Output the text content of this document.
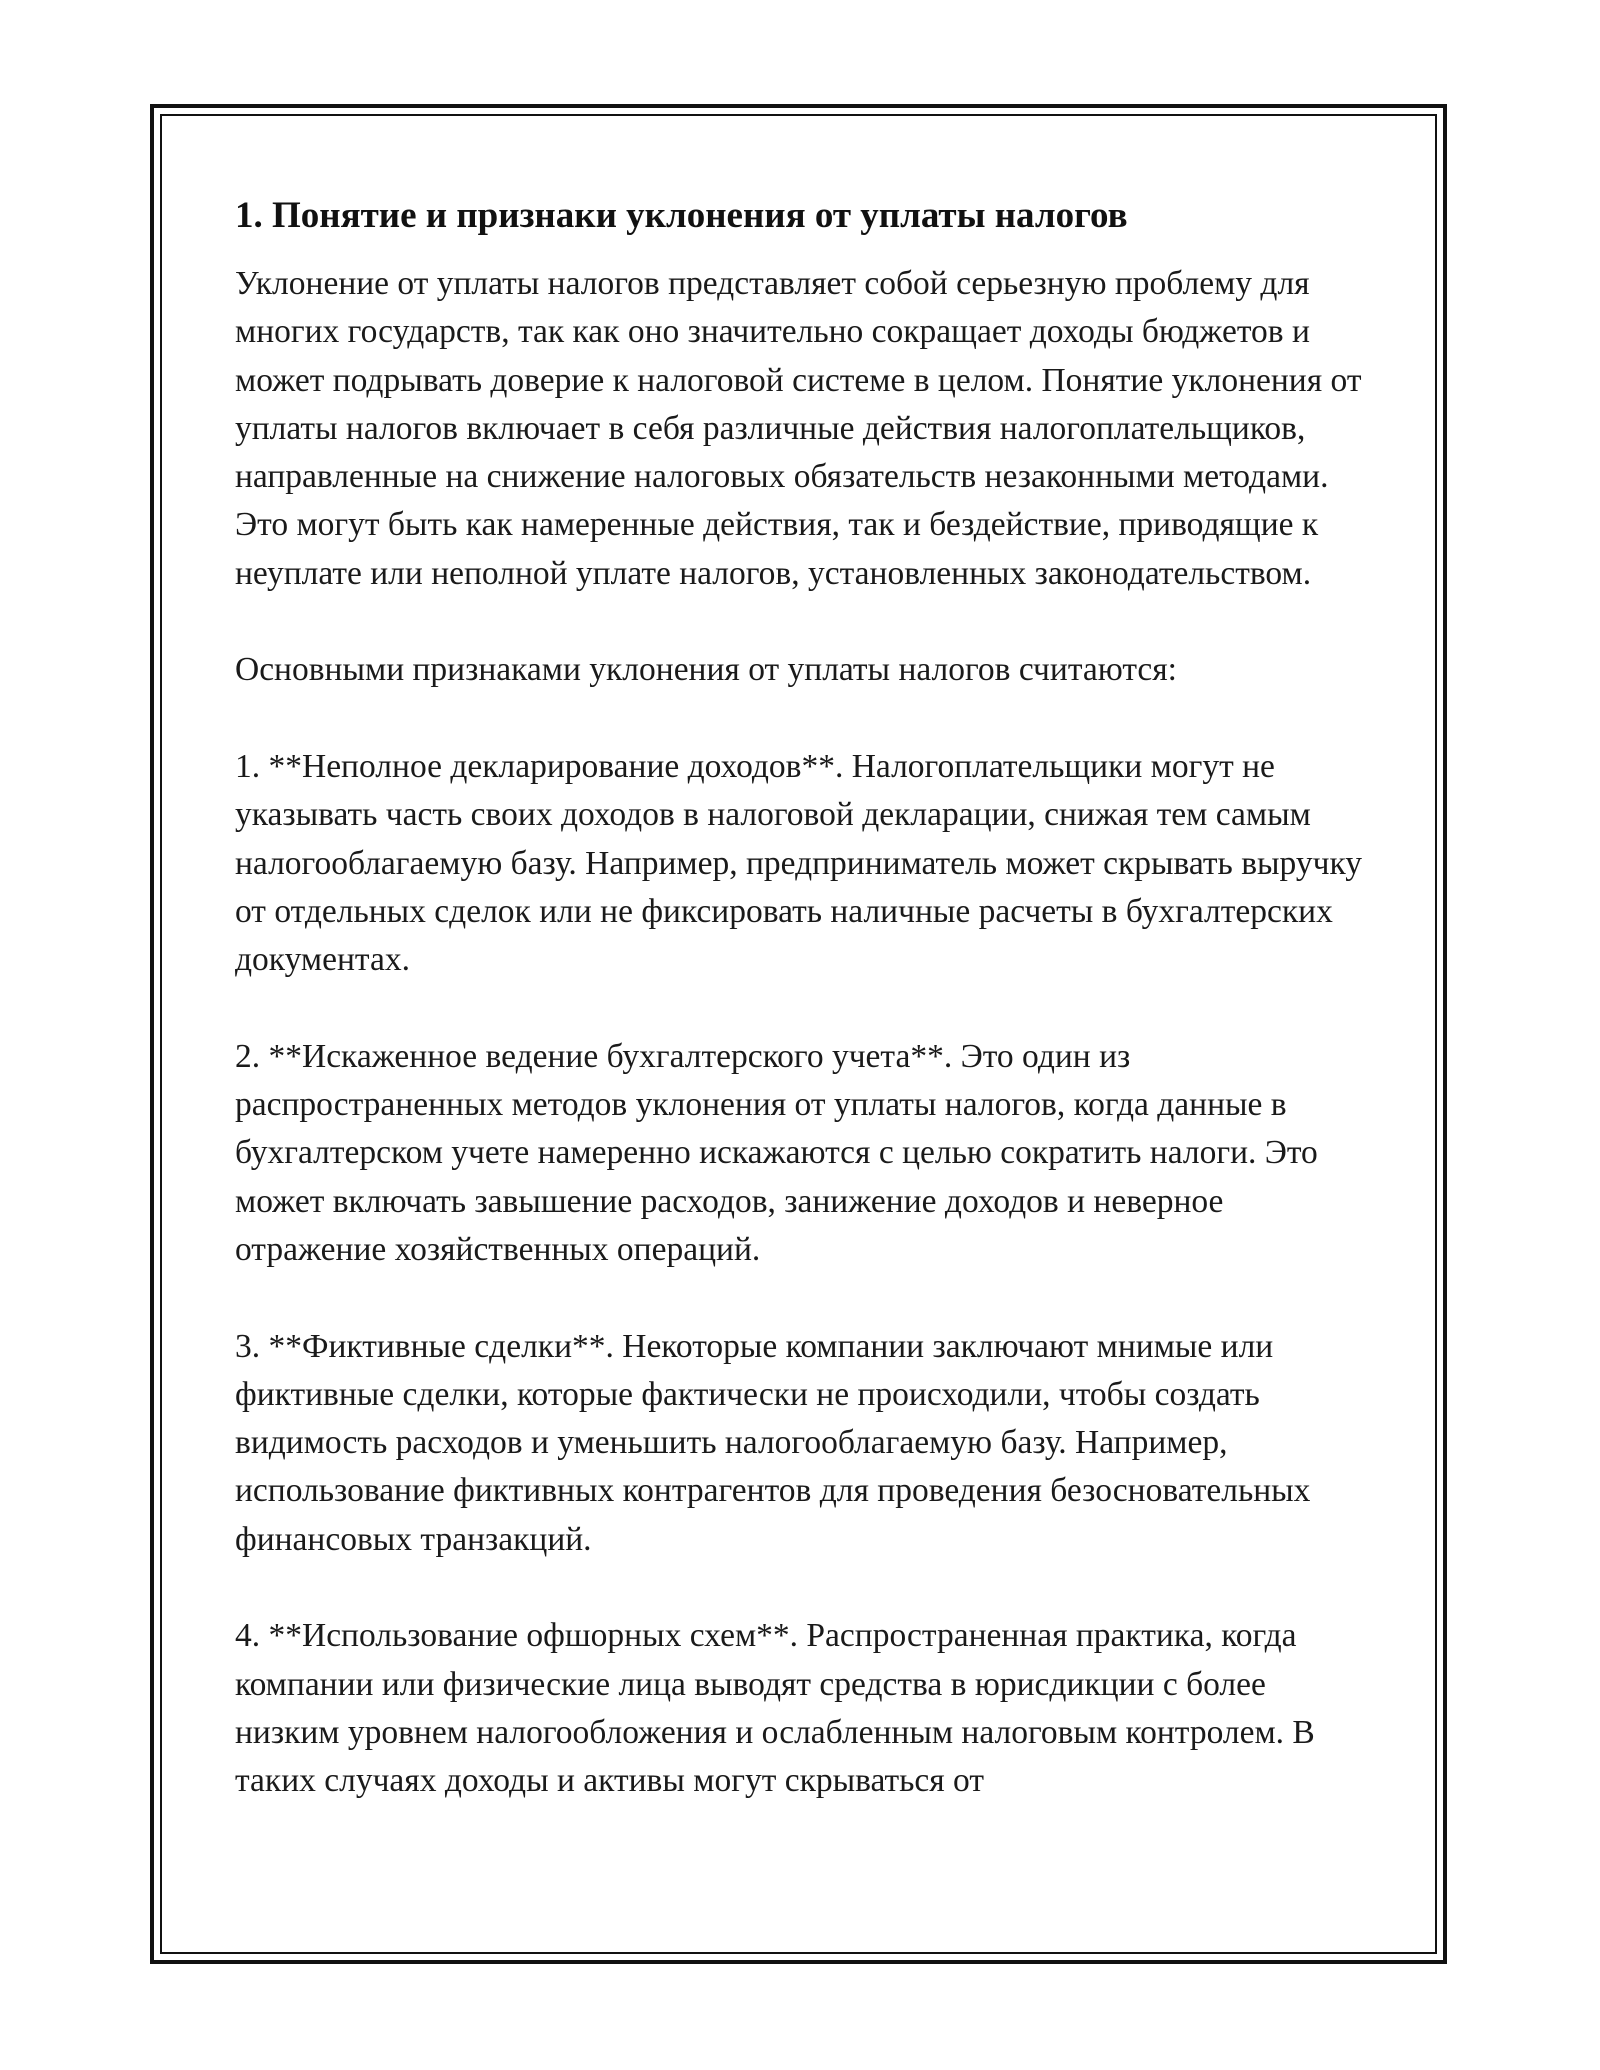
1. Понятие и признаки уклонения от уплаты налогов

Уклонение от уплаты налогов представляет собой серьезную проблему для многих государств, так как оно значительно сокращает доходы бюджетов и может подрывать доверие к налоговой системе в целом. Понятие уклонения от уплаты налогов включает в себя различные действия налогоплательщиков, направленные на снижение налоговых обязательств незаконными методами. Это могут быть как намеренные действия, так и бездействие, приводящие к неуплате или неполной уплате налогов, установленных законодательством.

Основными признаками уклонения от уплаты налогов считаются:

1. **Неполное декларирование доходов**. Налогоплательщики могут не указывать часть своих доходов в налоговой декларации, снижая тем самым налогооблагаемую базу. Например, предприниматель может скрывать выручку от отдельных сделок или не фиксировать наличные расчеты в бухгалтерских документах.

2. **Искаженное ведение бухгалтерского учета**. Это один из распространенных методов уклонения от уплаты налогов, когда данные в бухгалтерском учете намеренно искажаются с целью сократить налоги. Это может включать завышение расходов, занижение доходов и неверное отражение хозяйственных операций.

3. **Фиктивные сделки**. Некоторые компании заключают мнимые или фиктивные сделки, которые фактически не происходили, чтобы создать видимость расходов и уменьшить налогооблагаемую базу. Например, использование фиктивных контрагентов для проведения безосновательных финансовых транзакций.

4. **Использование офшорных схем**. Распространенная практика, когда компании или физические лица выводят средства в юрисдикции с более низким уровнем налогообложения и ослабленным налоговым контролем. В таких случаях доходы и активы могут скрываться от
